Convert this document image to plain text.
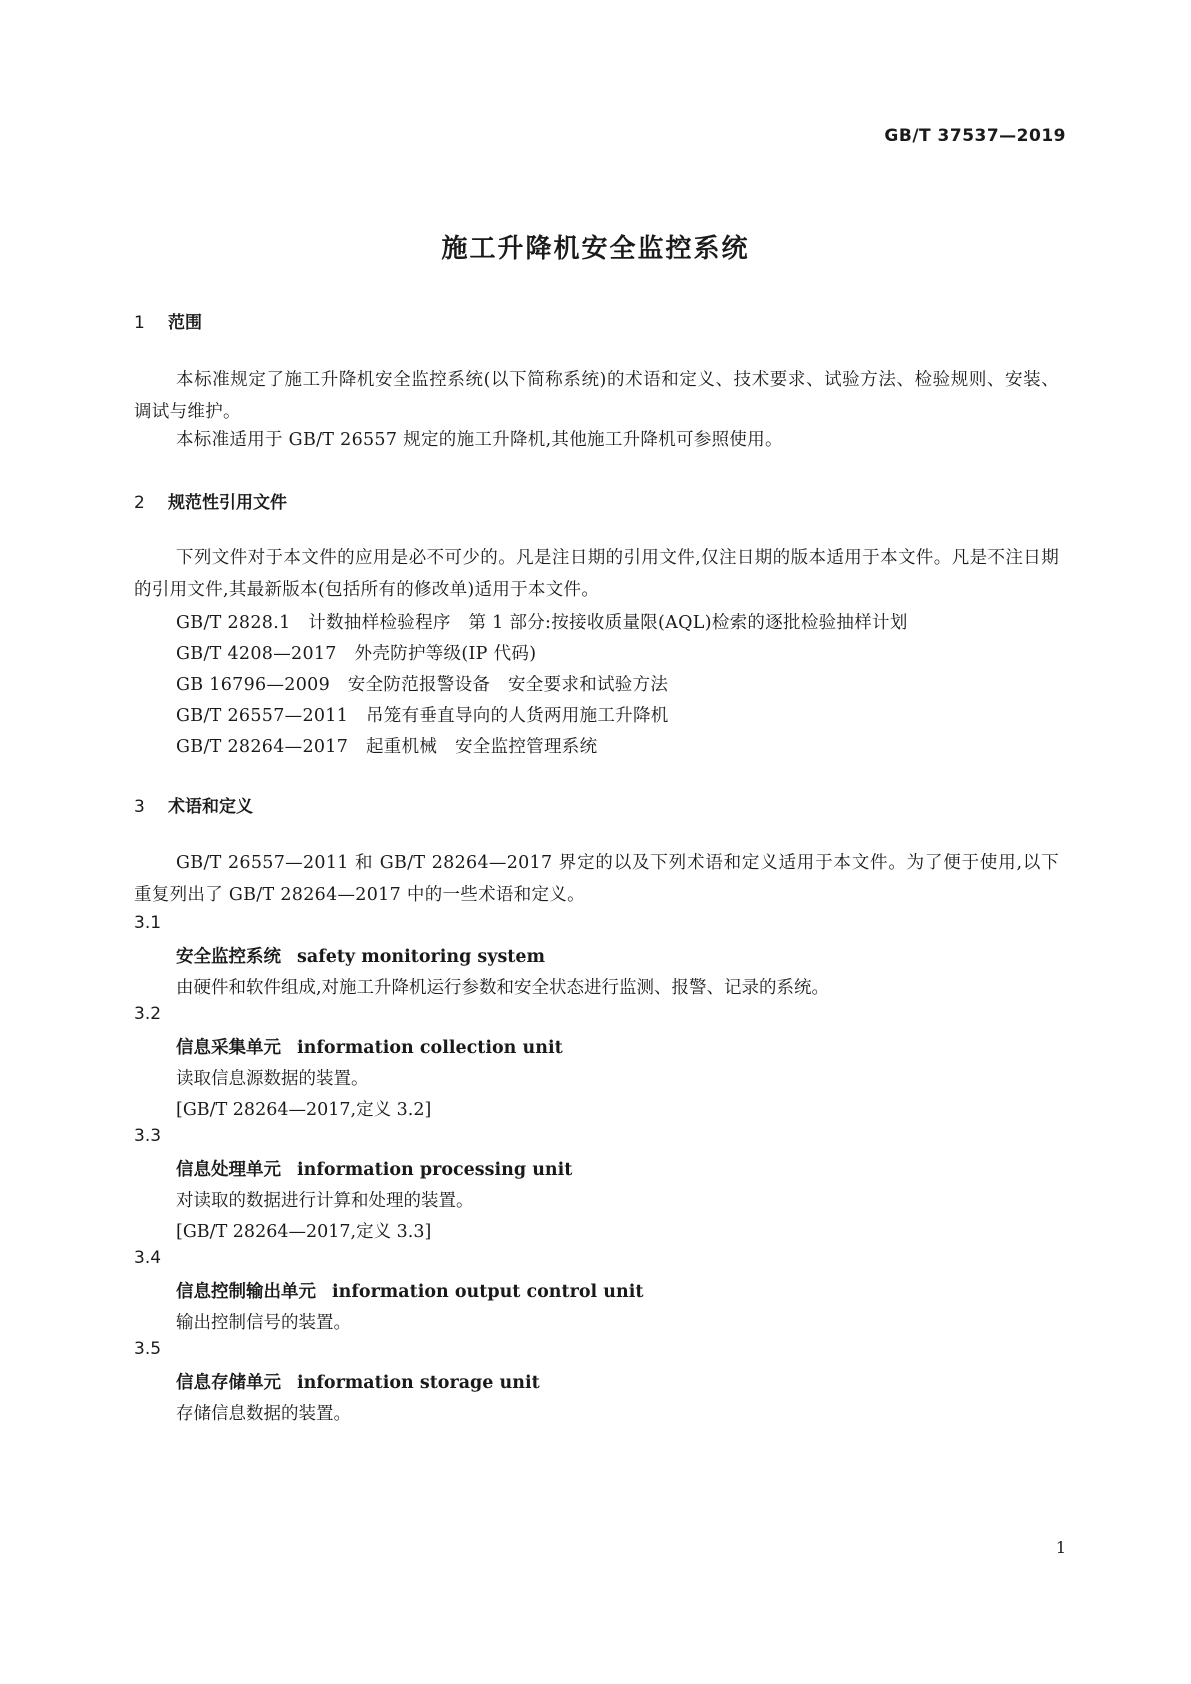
GB/T 37537—2019
施工升降机安全监控系统
1 范围
本标准规定了施工升降机安全监控系统(以下简称系统)的术语和定义、技术要求、试验方法、检验规则、安装、调试与维护。
本标准适用于 GB/T 26557 规定的施工升降机,其他施工升降机可参照使用。
2 规范性引用文件
下列文件对于本文件的应用是必不可少的。凡是注日期的引用文件,仅注日期的版本适用于本文件。凡是不注日期的引用文件,其最新版本(包括所有的修改单)适用于本文件。
GB/T 2828.1　计数抽样检验程序　第 1 部分:按接收质量限(AQL)检索的逐批检验抽样计划
GB/T 4208—2017　外壳防护等级(IP 代码)
GB 16796—2009　安全防范报警设备　安全要求和试验方法
GB/T 26557—2011　吊笼有垂直导向的人货两用施工升降机
GB/T 28264—2017　起重机械　安全监控管理系统
3 术语和定义
GB/T 26557—2011 和 GB/T 28264—2017 界定的以及下列术语和定义适用于本文件。为了便于使用,以下重复列出了 GB/T 28264—2017 中的一些术语和定义。
3.1
安全监控系统 safety monitoring system
由硬件和软件组成,对施工升降机运行参数和安全状态进行监测、报警、记录的系统。
3.2
信息采集单元 information collection unit
读取信息源数据的装置。
[GB/T 28264—2017,定义 3.2]
3.3
信息处理单元 information processing unit
对读取的数据进行计算和处理的装置。
[GB/T 28264—2017,定义 3.3]
3.4
信息控制输出单元 information output control unit
输出控制信号的装置。
3.5
信息存储单元 information storage unit
存储信息数据的装置。
1
